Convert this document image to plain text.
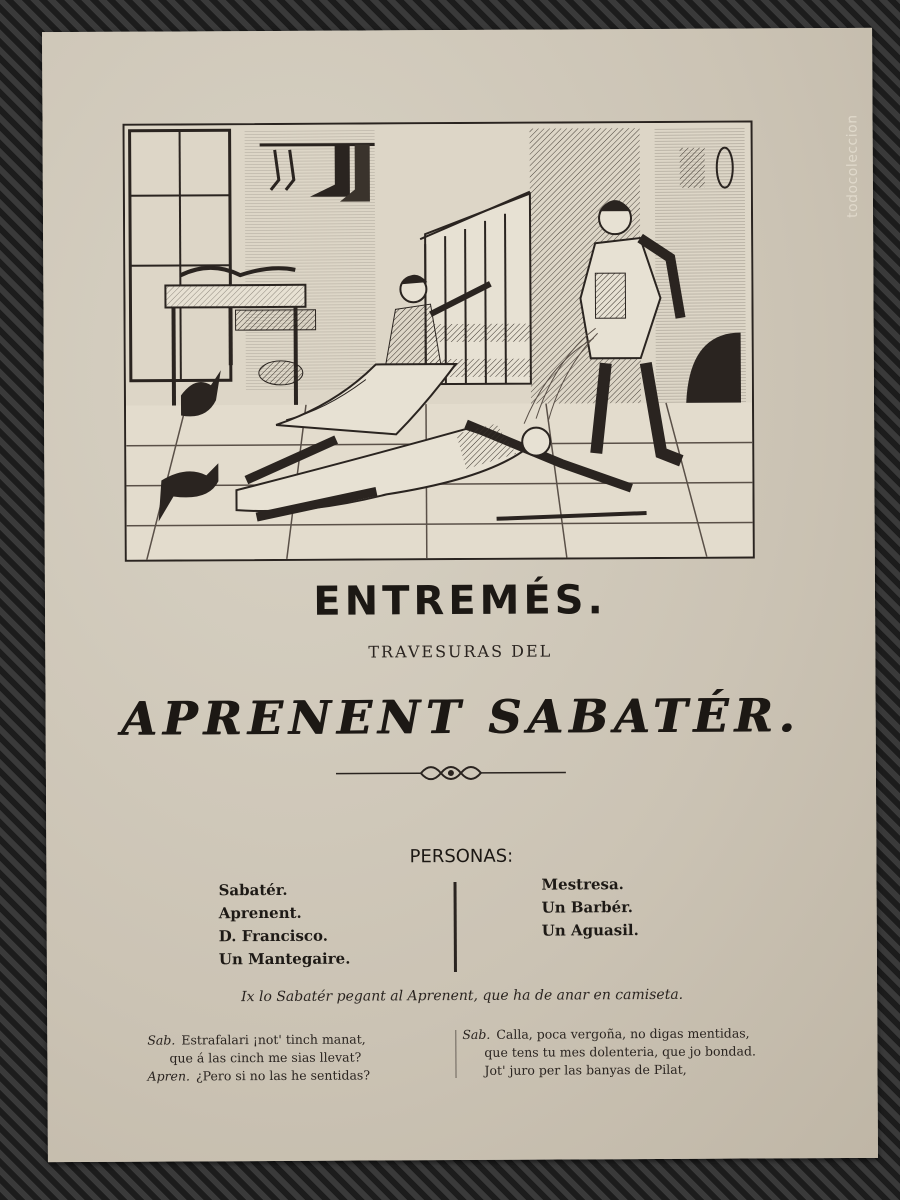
todocoleccion
ENTREMÉS.
TRAVESURAS DEL
APRENENT SABATÉR.
PERSONAS:
Sabatér.
Aprenent.
D. Francisco.
Un Mantegaire.
Mestresa.
Un Barbér.
Un Aguasil.
Ix lo Sabatér pegant al Aprenent, que ha de anar en camiseta.
Sab. Estrafalari ¡not' tinch manat,
que á las cinch me sias llevat?
Apren. ¿Pero si no las he sentidas?
Sab. Calla, poca vergoña, no digas mentidas,
que tens tu mes dolenteria, que jo bondad.
Jot' juro per las banyas de Pilat,
